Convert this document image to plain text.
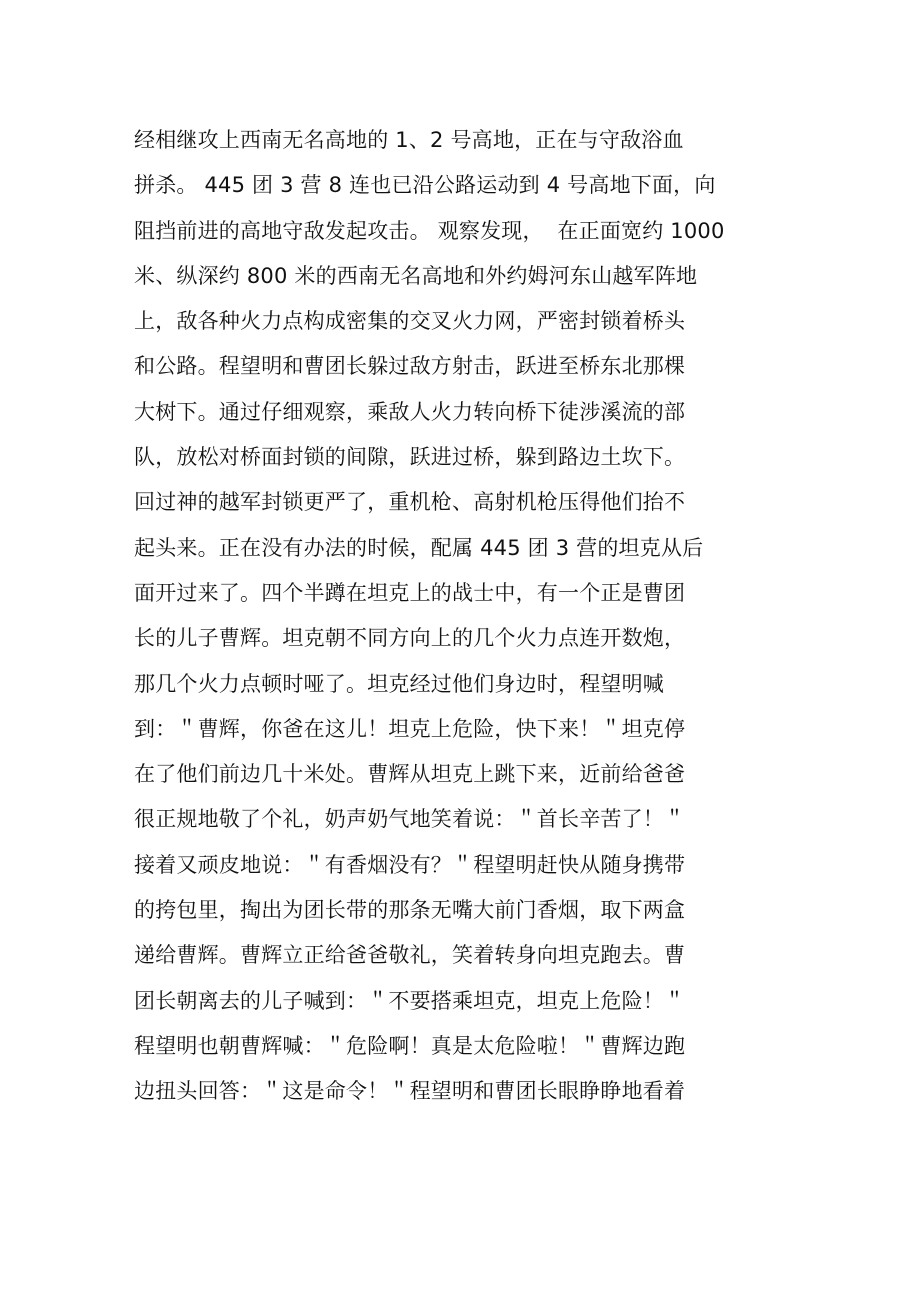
经相继攻上西南无名高地的 1、2 号高地，正在与守敌浴血
拼杀。 445 团 3 营 8 连也已沿公路运动到 4 号高地下面，向
阻挡前进的高地守敌发起攻击。 观察发现，  在正面宽约 1000
米、纵深约 800 米的西南无名高地和外约姆河东山越军阵地
上，敌各种火力点构成密集的交叉火力网，严密封锁着桥头
和公路。程望明和曹团长躲过敌方射击，跃进至桥东北那棵
大树下。通过仔细观察，乘敌人火力转向桥下徒涉溪流的部
队，放松对桥面封锁的间隙，跃进过桥，躲到路边土坎下。
回过神的越军封锁更严了，重机枪、高射机枪压得他们抬不
起头来。正在没有办法的时候，配属 445 团 3 营的坦克从后
面开过来了。四个半蹲在坦克上的战士中，有一个正是曹团
长的儿子曹辉。坦克朝不同方向上的几个火力点连开数炮，
那几个火力点顿时哑了。坦克经过他们身边时，程望明喊
到：＂曹辉，你爸在这儿！坦克上危险，快下来！＂坦克停
在了他们前边几十米处。曹辉从坦克上跳下来，近前给爸爸
很正规地敬了个礼，奶声奶气地笑着说：＂首长辛苦了！＂
接着又顽皮地说：＂有香烟没有？＂程望明赶快从随身携带
的挎包里，掏出为团长带的那条无嘴大前门香烟，取下两盒
递给曹辉。曹辉立正给爸爸敬礼，笑着转身向坦克跑去。曹
团长朝离去的儿子喊到：＂不要搭乘坦克，坦克上危险！＂
程望明也朝曹辉喊：＂危险啊！真是太危险啦！＂曹辉边跑
边扭头回答：＂这是命令！＂程望明和曹团长眼睁睁地看着
